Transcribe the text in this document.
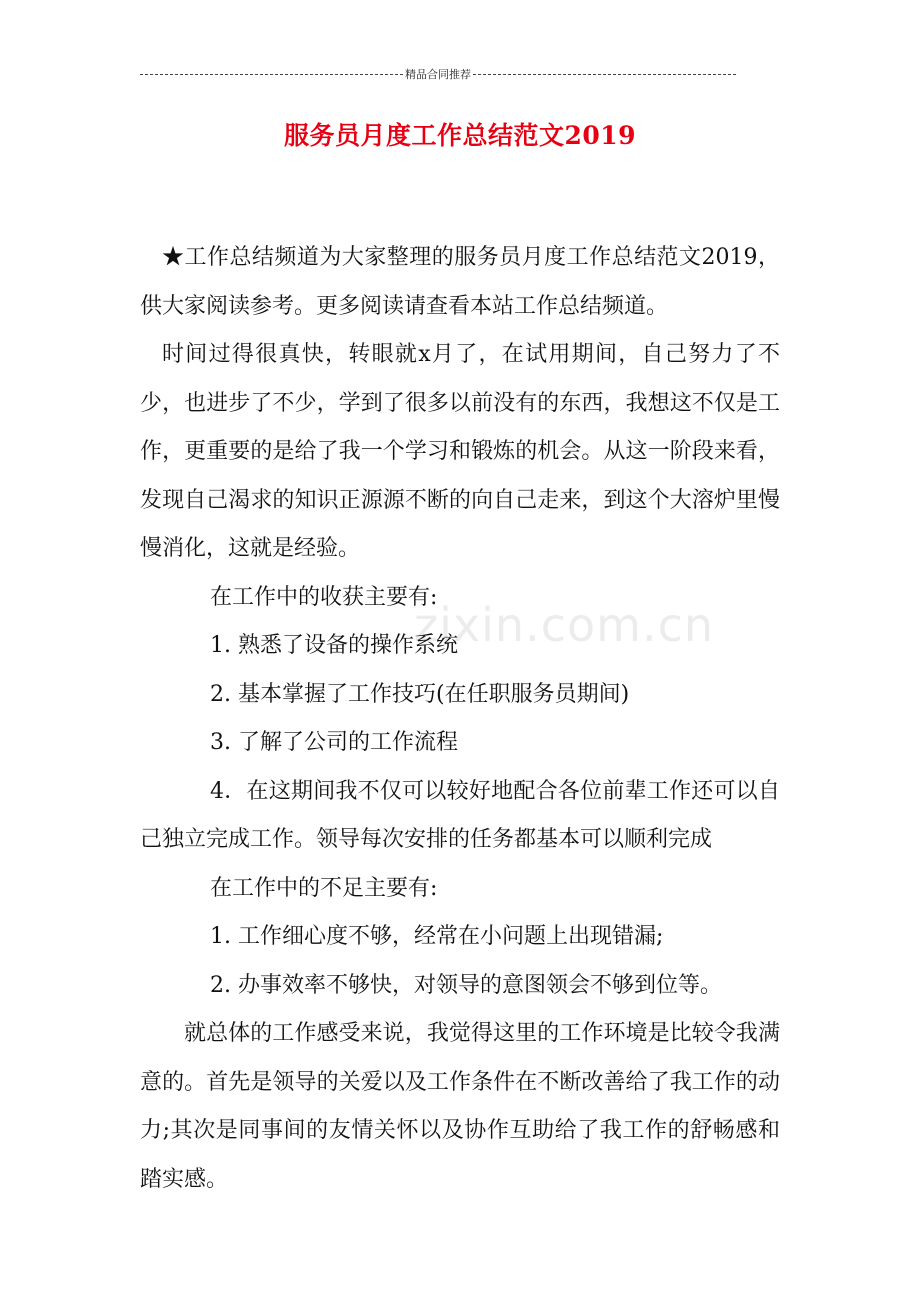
精品合同推荐
服务员月度工作总结范文2019
zixin.com.cn

★工作总结频道为大家整理的服务员月度工作总结范文2019，供大家阅读参考。更多阅读请查看本站工作总结频道。

时间过得很真快，转眼就x月了，在试用期间，自己努力了不少，也进步了不少，学到了很多以前没有的东西，我想这不仅是工作，更重要的是给了我一个学习和锻炼的机会。从这一阶段来看，发现自己渴求的知识正源源不断的向自己走来，到这个大溶炉里慢慢消化，这就是经验。

在工作中的收获主要有:

1. 熟悉了设备的操作系统

2. 基本掌握了工作技巧(在任职服务员期间)

3. 了解了公司的工作流程

4．在这期间我不仅可以较好地配合各位前辈工作还可以自己独立完成工作。领导每次安排的任务都基本可以顺利完成

在工作中的不足主要有:

1. 工作细心度不够，经常在小问题上出现错漏;

2. 办事效率不够快，对领导的意图领会不够到位等。

就总体的工作感受来说，我觉得这里的工作环境是比较令我满意的。首先是领导的关爱以及工作条件在不断改善给了我工作的动力;其次是同事间的友情关怀以及协作互助给了我工作的舒畅感和踏实感。
